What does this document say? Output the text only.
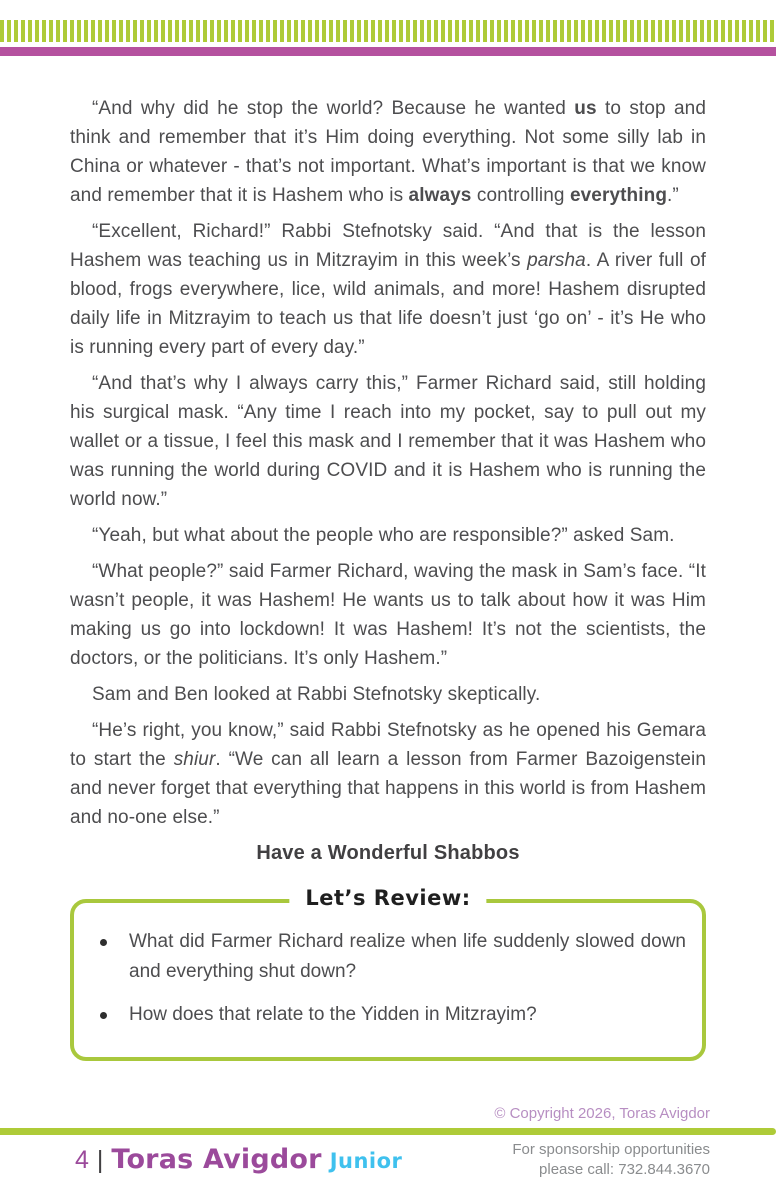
“And why did he stop the world? Because he wanted us to stop and think and remember that it’s Him doing everything. Not some silly lab in China or whatever - that’s not important. What’s important is that we know and remember that it is Hashem who is always controlling everything.”

“Excellent, Richard!” Rabbi Stefnotsky said. “And that is the lesson Hashem was teaching us in Mitzrayim in this week’s parsha. A river full of blood, frogs everywhere, lice, wild animals, and more! Hashem disrupted daily life in Mitzrayim to teach us that life doesn’t just ‘go on’ - it’s He who is running every part of every day.”

“And that’s why I always carry this,” Farmer Richard said, still holding his surgical mask. “Any time I reach into my pocket, say to pull out my wallet or a tissue, I feel this mask and I remember that it was Hashem who was running the world during COVID and it is Hashem who is running the world now.”

“Yeah, but what about the people who are responsible?” asked Sam.

“What people?” said Farmer Richard, waving the mask in Sam’s face. “It wasn’t people, it was Hashem! He wants us to talk about how it was Him making us go into lockdown! It was Hashem! It’s not the scientists, the doctors, or the politicians. It’s only Hashem.”

Sam and Ben looked at Rabbi Stefnotsky skeptically.

“He’s right, you know,” said Rabbi Stefnotsky as he opened his Gemara to start the shiur. “We can all learn a lesson from Farmer Bazoigenstein and never forget that everything that happens in this world is from Hashem and no-one else.”

Have a Wonderful Shabbos
Let’s Review:
What did Farmer Richard realize when life suddenly slowed down and everything shut down?
How does that relate to the Yidden in Mitzrayim?
© Copyright 2026, Toras Avigdor
4 | Toras Avigdor Junior	For sponsorship opportunities
please call: 732.844.3670
